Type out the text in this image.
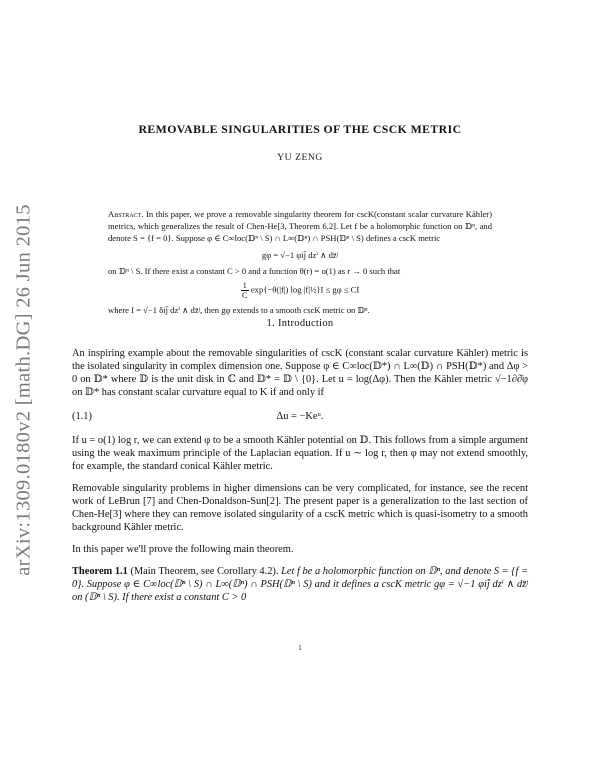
arXiv:1309.0180v2 [math.DG] 26 Jun 2015
REMOVABLE SINGULARITIES OF THE CSCK METRIC
YU ZENG

Abstract. In this paper, we prove a removable singularity theorem for cscK(constant scalar curvature Kähler) metrics, which generalizes the result of Chen-He[3, Theorem 6.2]. Let f be a holomorphic function on 𝔻ⁿ, and denote S = {f = 0}. Suppose φ ∈ C∞loc(𝔻ⁿ \ S) ∩ L∞(𝔻ⁿ) ∩ PSH(𝔻ⁿ \ S) defines a cscK metric

gφ = √−1 φij̄ dzⁱ ∧ dz̄ʲ

on 𝔻ⁿ \ S. If there exist a constant C > 0 and a function θ(r) = o(1) as r → 0 such that

$\frac{1}{C} \exp\{-\theta(|f|)$ log |f|½}I ≤ gφ ≤ CI

where I = √−1 δij̄ dzⁱ ∧ dz̄ʲ, then gφ extends to a smooth cscK metric on 𝔻ⁿ.

1. Introduction

An inspiring example about the removable singularities of cscK (constant scalar curvature Kähler) metric is the isolated singularity in complex dimension one. Suppose φ ∈ C∞loc(𝔻*) ∩ L∞(𝔻) ∩ PSH(𝔻*) and Δφ > 0 on 𝔻* where 𝔻 is the unit disk in ℂ and 𝔻* = 𝔻 \ {0}. Let u = log(Δφ). Then the Kähler metric √−1∂∂̄φ on 𝔻* has constant scalar curvature equal to K if and only if

(1.1)	Δu = −Keᵘ.

If u = o(1) log r, we can extend φ to be a smooth Kähler potential on 𝔻. This follows from a simple argument using the weak maximum principle of the Laplacian equation. If u ∼ log r, then φ may not extend smoothly, for example, the standard conical Kähler metric.

Removable singularity problems in higher dimensions can be very complicated, for instance, see the recent work of LeBrun [7] and Chen-Donaldson-Sun[2]. The present paper is a generalization to the last section of Chen-He[3] where they can remove isolated singularity of a cscK metric which is quasi-isometry to a smooth background Kähler metric.

In this paper we'll prove the following main theorem.

Theorem 1.1 (Main Theorem, see Corollary 4.2). Let f be a holomorphic function on 𝔻ⁿ, and denote S = {f = 0}. Suppose φ ∈ C∞loc(𝔻ⁿ \ S) ∩ L∞(𝔻ⁿ) ∩ PSH(𝔻ⁿ \ S) and it defines a cscK metric gφ = √−1 φij̄ dzⁱ ∧ dz̄ʲ on (𝔻ⁿ \ S). If there exist a constant C > 0

1
